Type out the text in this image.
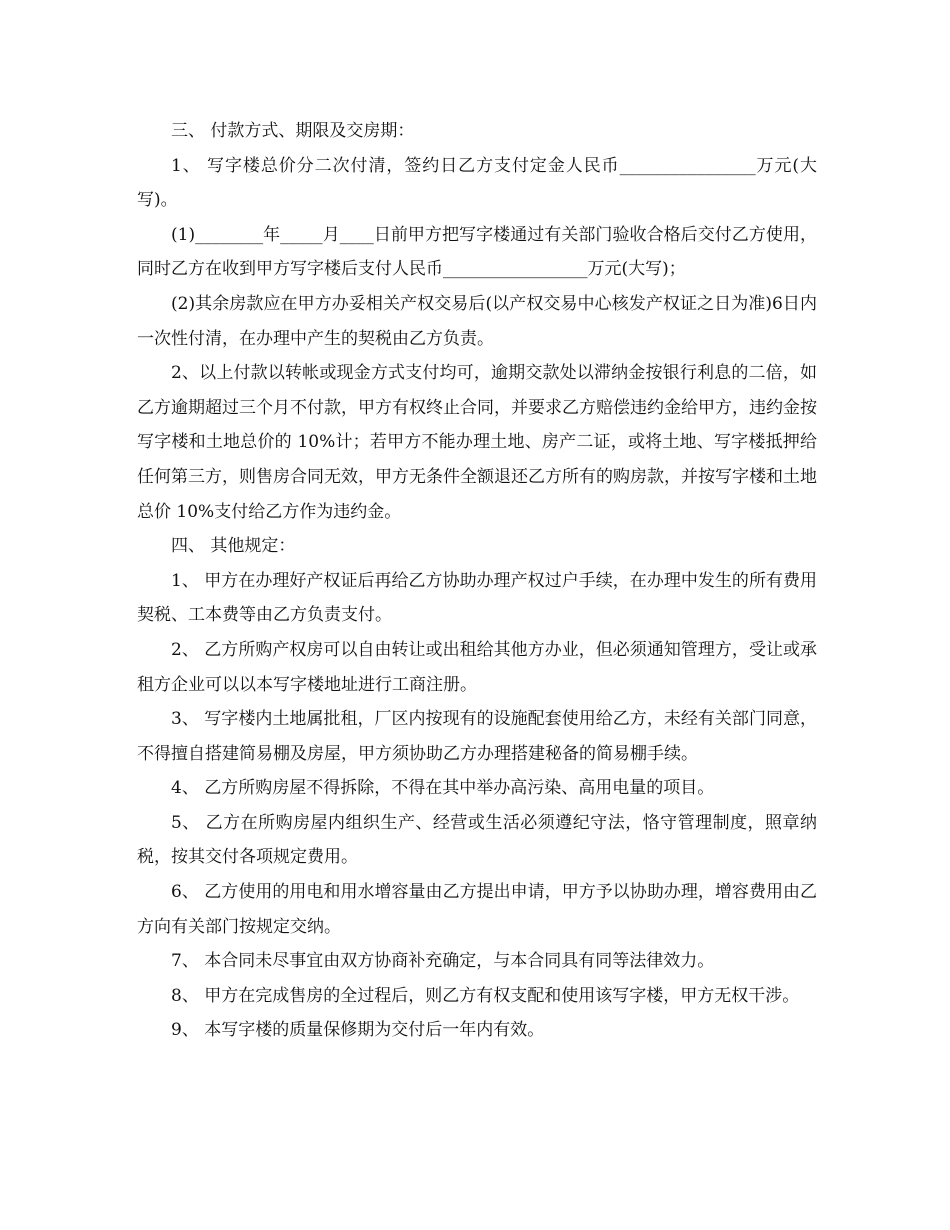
三、 付款方式、期限及交房期：

1、 写字楼总价分二次付清，签约日乙方支付定金人民币________________万元(大写)。

(1)________年_____月____日前甲方把写字楼通过有关部门验收合格后交付乙方使用，同时乙方在收到甲方写字楼后支付人民币_________________万元(大写)；

(2)其余房款应在甲方办妥相关产权交易后(以产权交易中心核发产权证之日为准)6日内一次性付清，在办理中产生的契税由乙方负责。

2、以上付款以转帐或现金方式支付均可，逾期交款处以滞纳金按银行利息的二倍，如乙方逾期超过三个月不付款，甲方有权终止合同，并要求乙方赔偿违约金给甲方，违约金按写字楼和土地总价的 10%计；若甲方不能办理土地、房产二证，或将土地、写字楼抵押给任何第三方，则售房合同无效，甲方无条件全额退还乙方所有的购房款，并按写字楼和土地总价 10%支付给乙方作为违约金。

四、 其他规定：

1、 甲方在办理好产权证后再给乙方协助办理产权过户手续，在办理中发生的所有费用契税、工本费等由乙方负责支付。

2、 乙方所购产权房可以自由转让或出租给其他方办业，但必须通知管理方，受让或承租方企业可以以本写字楼地址进行工商注册。

3、 写字楼内土地属批租，厂区内按现有的设施配套使用给乙方，未经有关部门同意，不得擅自搭建简易棚及房屋，甲方须协助乙方办理搭建秘备的简易棚手续。

4、 乙方所购房屋不得拆除，不得在其中举办高污染、高用电量的项目。

5、 乙方在所购房屋内组织生产、经营或生活必须遵纪守法，恪守管理制度，照章纳税，按其交付各项规定费用。

6、 乙方使用的用电和用水增容量由乙方提出申请，甲方予以协助办理，增容费用由乙方向有关部门按规定交纳。

7、 本合同未尽事宜由双方协商补充确定，与本合同具有同等法律效力。

8、 甲方在完成售房的全过程后，则乙方有权支配和使用该写字楼，甲方无权干涉。

9、 本写字楼的质量保修期为交付后一年内有效。
